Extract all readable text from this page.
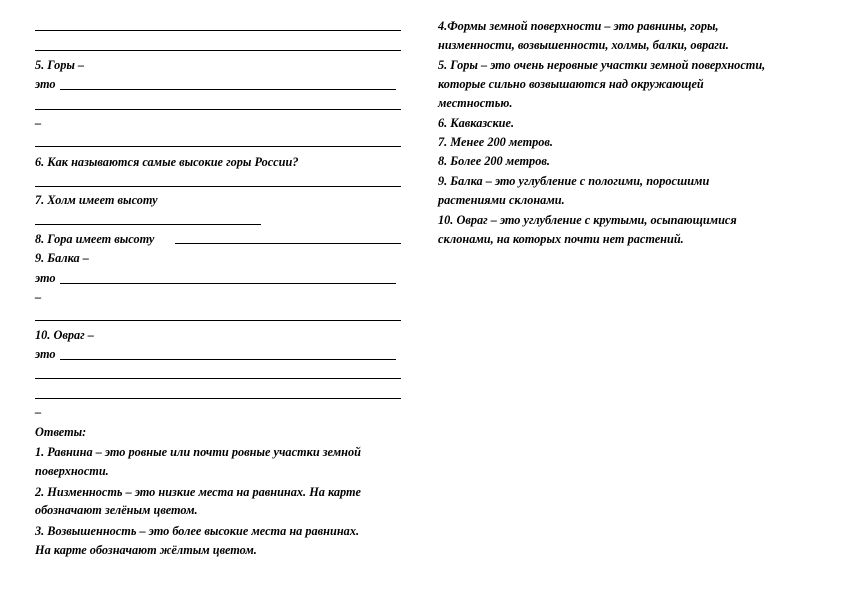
5. Горы –
это
–
6. Как называются самые высокие горы России?
7. Холм имеет высоту
8. Гора имеет высоту
9. Балка –
это
–
10. Овраг –
это
–
Ответы:
1. Равнина – это ровные или почти ровные участки земной
поверхности.
2. Низменность – это низкие места на равнинах. На карте
обозначают зелёным цветом.
3. Возвышенность – это более высокие места на равнинах.
На карте обозначают жёлтым цветом.
4.Формы земной поверхности – это равнины, горы,
низменности, возвышенности, холмы, балки, овраги.
5. Горы – это очень неровные участки земной поверхности,
которые сильно возвышаются над окружающей
местностью.
6. Кавказские.
7. Менее 200 метров.
8. Более 200 метров.
9. Балка – это углубление с пологими, поросшими
растениями склонами.
10. Овраг – это углубление с крутыми, осыпающимися
склонами, на которых почти нет растений.
